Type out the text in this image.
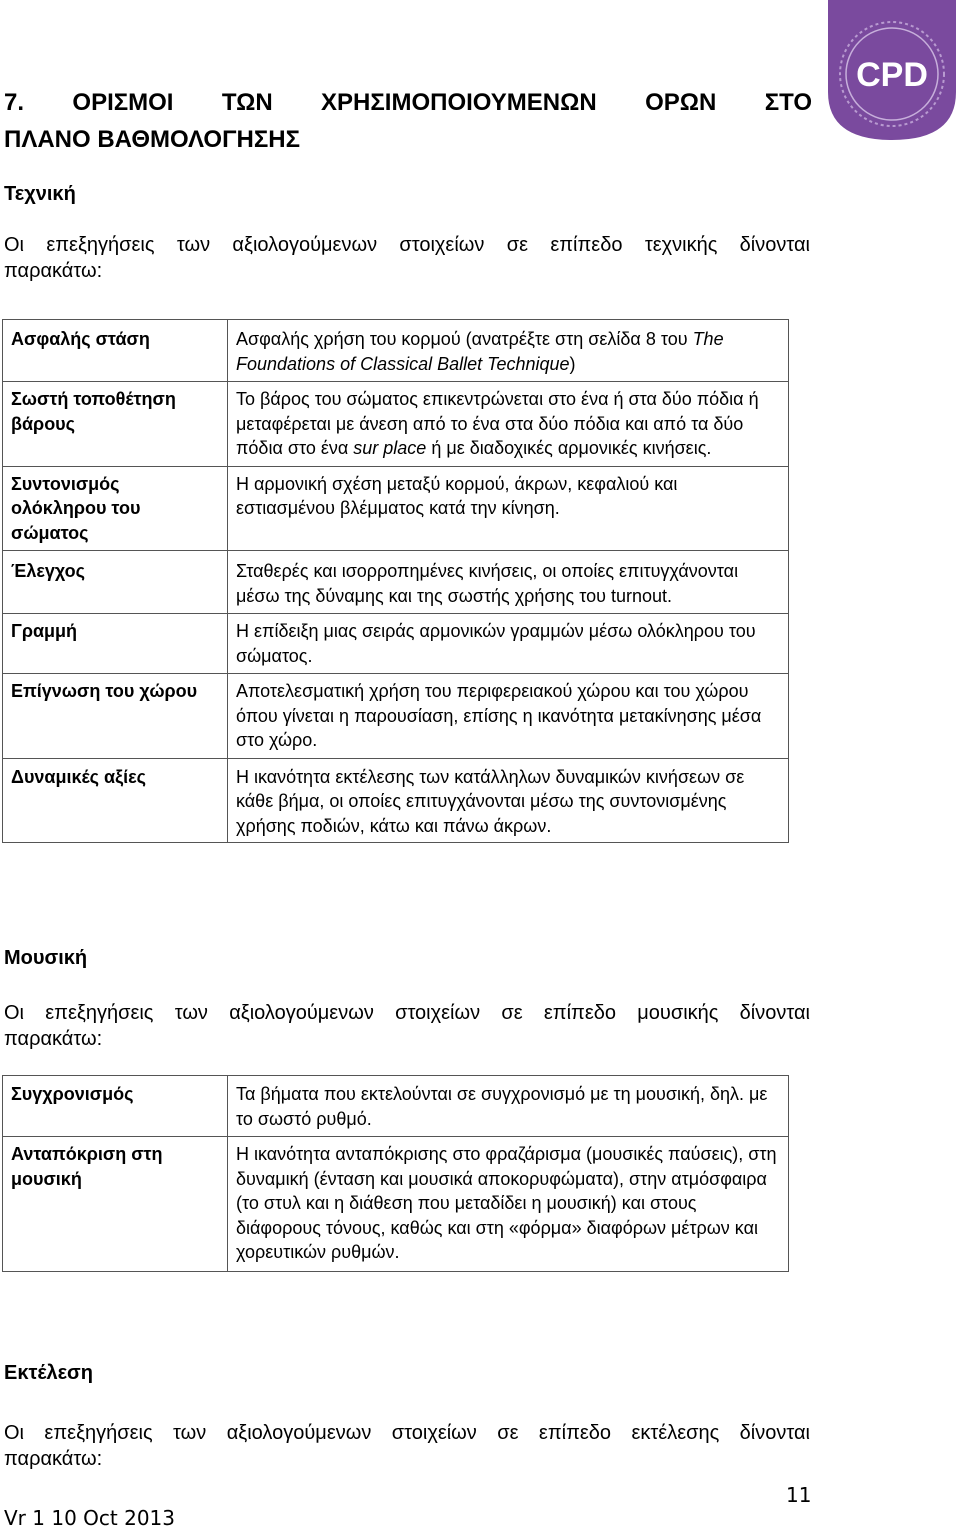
CPD

7. ΟΡΙΣΜΟΙ ΤΩΝ ΧΡΗΣΙΜΟΠΟΙΟΥΜΕΝΩΝ ΟΡΩΝ ΣΤΟ

ΠΛΑΝΟ ΒΑΘΜΟΛΟΓΗΣΗΣ

Τεχνική

Οι επεξηγήσεις των αξιολογούμενων στοιχείων σε επίπεδο τεχνικής δίνονται
παρακάτω:

Ασφαλής στάση	Ασφαλής χρήση του κορμού (ανατρέξτε στη σελίδα 8 του The Foundations of Classical Ballet Technique)
Σωστή τοποθέτηση βάρους	Το βάρος του σώματος επικεντρώνεται στο ένα ή στα δύο πόδια ή μεταφέρεται με άνεση από το ένα στα δύο πόδια και από τα δύο πόδια στο ένα sur place ή με διαδοχικές αρμονικές κινήσεις.
Συντονισμός ολόκληρου του σώματος	Η αρμονική σχέση μεταξύ κορμού, άκρων, κεφαλιού και εστιασμένου βλέμματος κατά την κίνηση.
Έλεγχος	Σταθερές και ισορροπημένες κινήσεις, οι οποίες επιτυγχάνονται μέσω της δύναμης και της σωστής χρήσης του turnout.
Γραμμή	Η επίδειξη μιας σειράς αρμονικών γραμμών μέσω ολόκληρου του σώματος.
Επίγνωση του χώρου	Αποτελεσματική χρήση του περιφερειακού χώρου και του χώρου όπου γίνεται η παρουσίαση, επίσης η ικανότητα μετακίνησης μέσα στο χώρο.
Δυναμικές αξίες	Η ικανότητα εκτέλεσης των κατάλληλων δυναμικών κινήσεων σε κάθε βήμα, οι οποίες επιτυγχάνονται μέσω της συντονισμένης χρήσης ποδιών, κάτω και πάνω άκρων.

Μουσική

Οι επεξηγήσεις των αξιολογούμενων στοιχείων σε επίπεδο μουσικής δίνονται
παρακάτω:

Συγχρονισμός	Τα βήματα που εκτελούνται σε συγχρονισμό με τη μουσική, δηλ. με το σωστό ρυθμό.
Ανταπόκριση στη μουσική	Η ικανότητα ανταπόκρισης στο φραζάρισμα (μουσικές παύσεις), στη δυναμική (ένταση και μουσικά αποκορυφώματα), στην ατμόσφαιρα (το στυλ και η διάθεση που μεταδίδει η μουσική) και στους διάφορους τόνους, καθώς και στη «φόρμα» διαφόρων μέτρων και χορευτικών ρυθμών.

Εκτέλεση

Οι επεξηγήσεις των αξιολογούμενων στοιχείων σε επίπεδο εκτέλεσης δίνονται
παρακάτω:

11

Vr 1 10 Oct 2013
